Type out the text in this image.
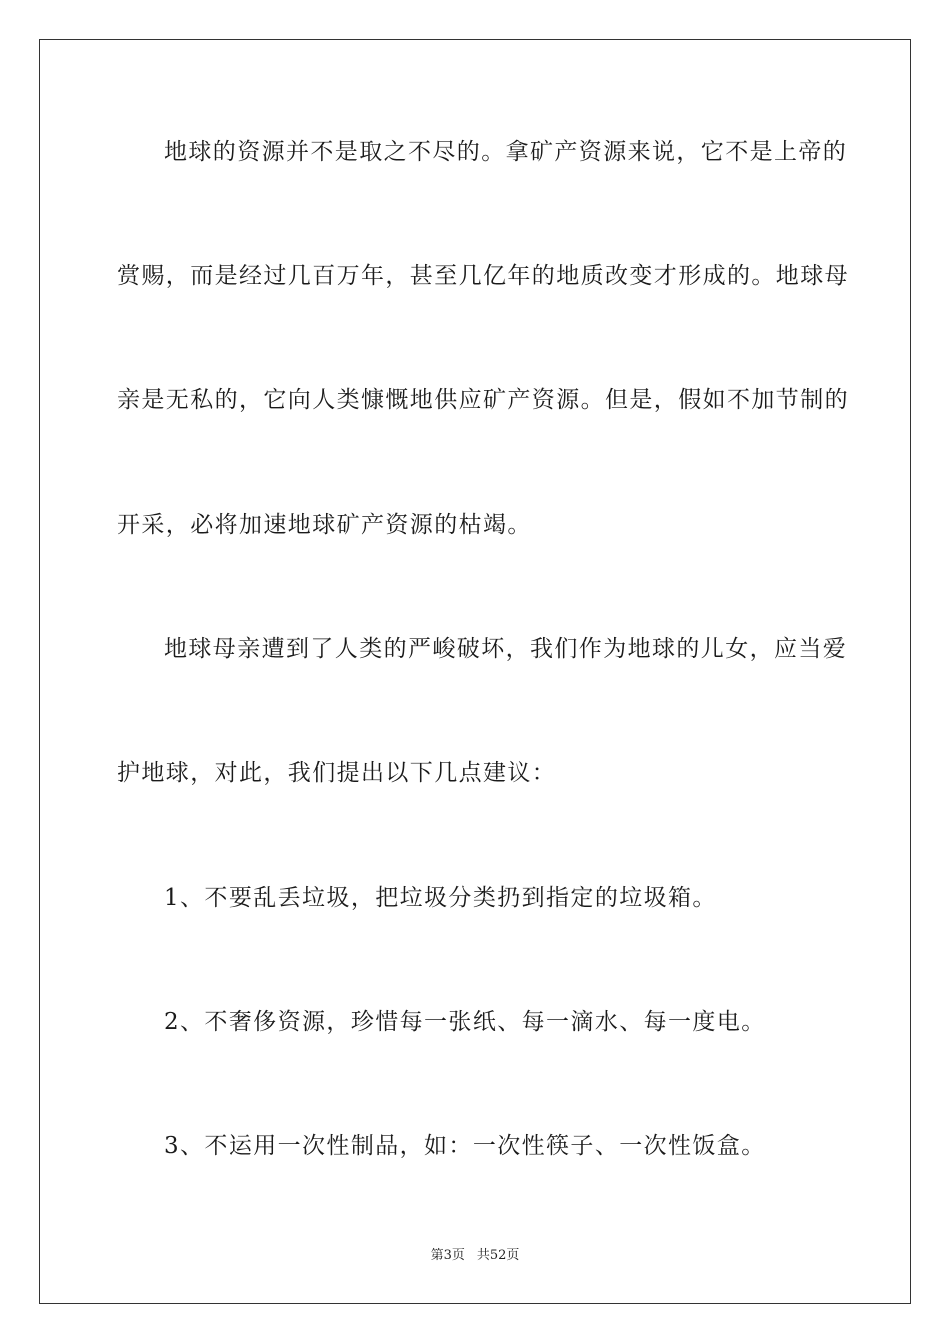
地球的资源并不是取之不尽的。拿矿产资源来说，它不是上帝的
赏赐，而是经过几百万年，甚至几亿年的地质改变才形成的。地球母
亲是无私的，它向人类慷慨地供应矿产资源。但是，假如不加节制的
开采，必将加速地球矿产资源的枯竭。
地球母亲遭到了人类的严峻破坏，我们作为地球的儿女，应当爱
护地球，对此，我们提出以下几点建议：
1、不要乱丢垃圾，把垃圾分类扔到指定的垃圾箱。
2、不奢侈资源，珍惜每一张纸、每一滴水、每一度电。
3、不运用一次性制品，如：一次性筷子、一次性饭盒。
第3页 共52页
